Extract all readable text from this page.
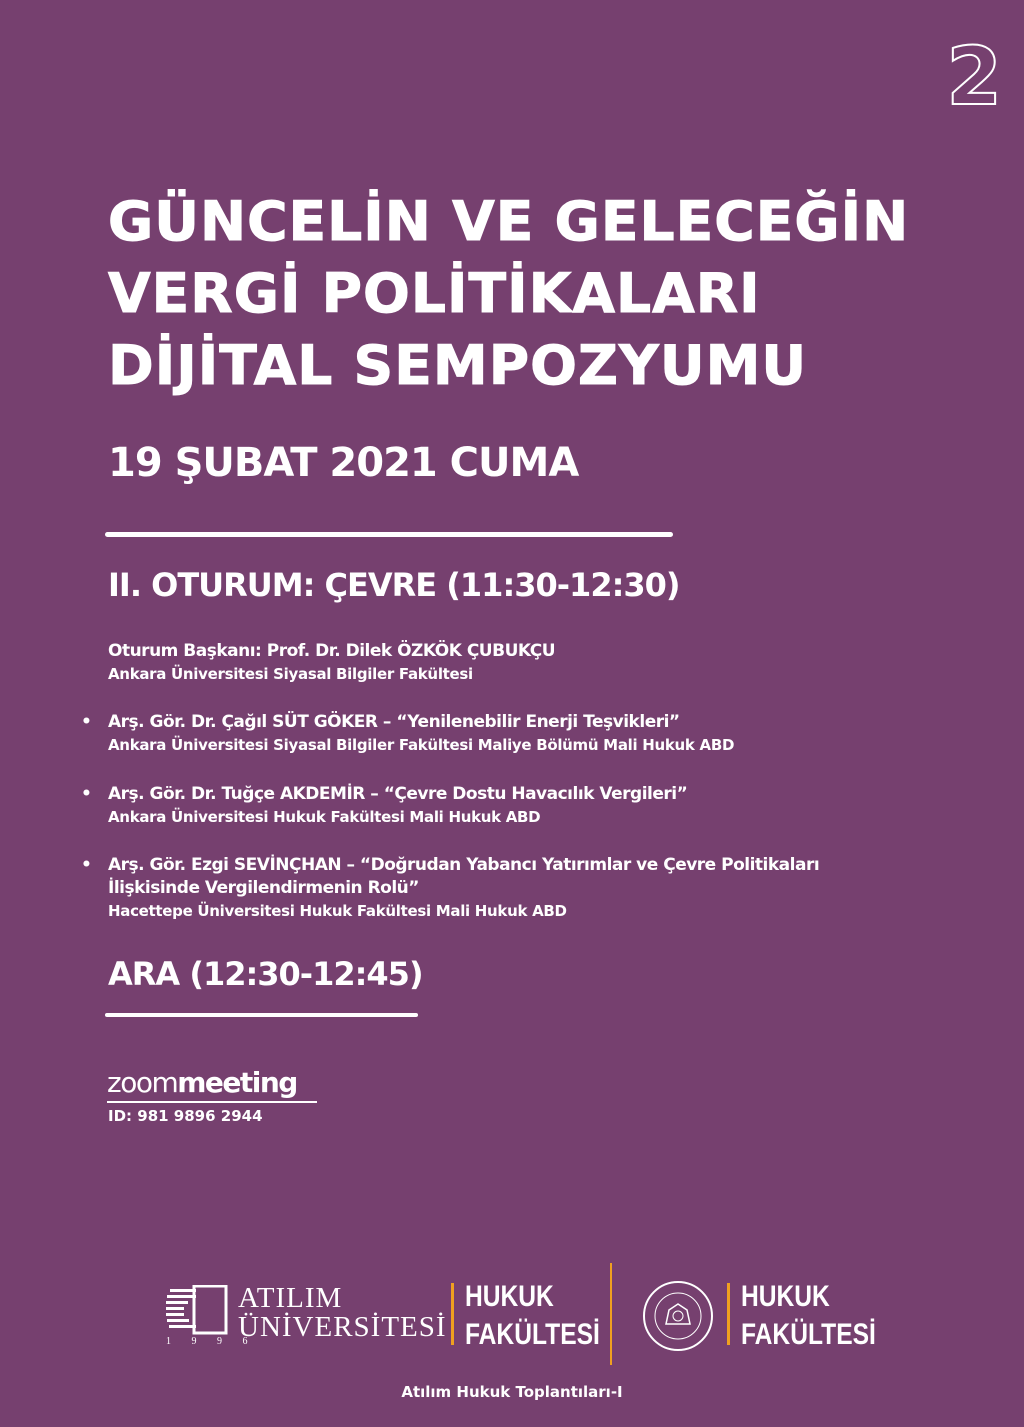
2
GÜNCELİN VE GELECEĞİN
VERGİ POLİTİKALARI
DİJİTAL SEMPOZYUMU
19 ŞUBAT 2021 CUMA
II. OTURUM: ÇEVRE (11:30-12:30)
Oturum Başkanı: Prof. Dr. Dilek ÖZKÖK ÇUBUKÇU
Ankara Üniversitesi Siyasal Bilgiler Fakültesi
• Arş. Gör. Dr. Çağıl SÜT GÖKER – “Yenilenebilir Enerji Teşvikleri”
Ankara Üniversitesi Siyasal Bilgiler Fakültesi Maliye Bölümü Mali Hukuk ABD
• Arş. Gör. Dr. Tuğçe AKDEMİR – “Çevre Dostu Havacılık Vergileri”
Ankara Üniversitesi Hukuk Fakültesi Mali Hukuk ABD
• Arş. Gör. Ezgi SEVİNÇHAN – “Doğrudan Yabancı Yatırımlar ve Çevre Politikaları
İlişkisinde Vergilendirmenin Rolü”
Hacettepe Üniversitesi Hukuk Fakültesi Mali Hukuk ABD
ARA (12:30-12:45)
zoommeeting
ID: 981 9896 2944
1 9 9 6
ATILIM
ÜNİVERSİTESİ
HUKUK
FAKÜLTESİ
HUKUK
FAKÜLTESİ
Atılım Hukuk Toplantıları-I
